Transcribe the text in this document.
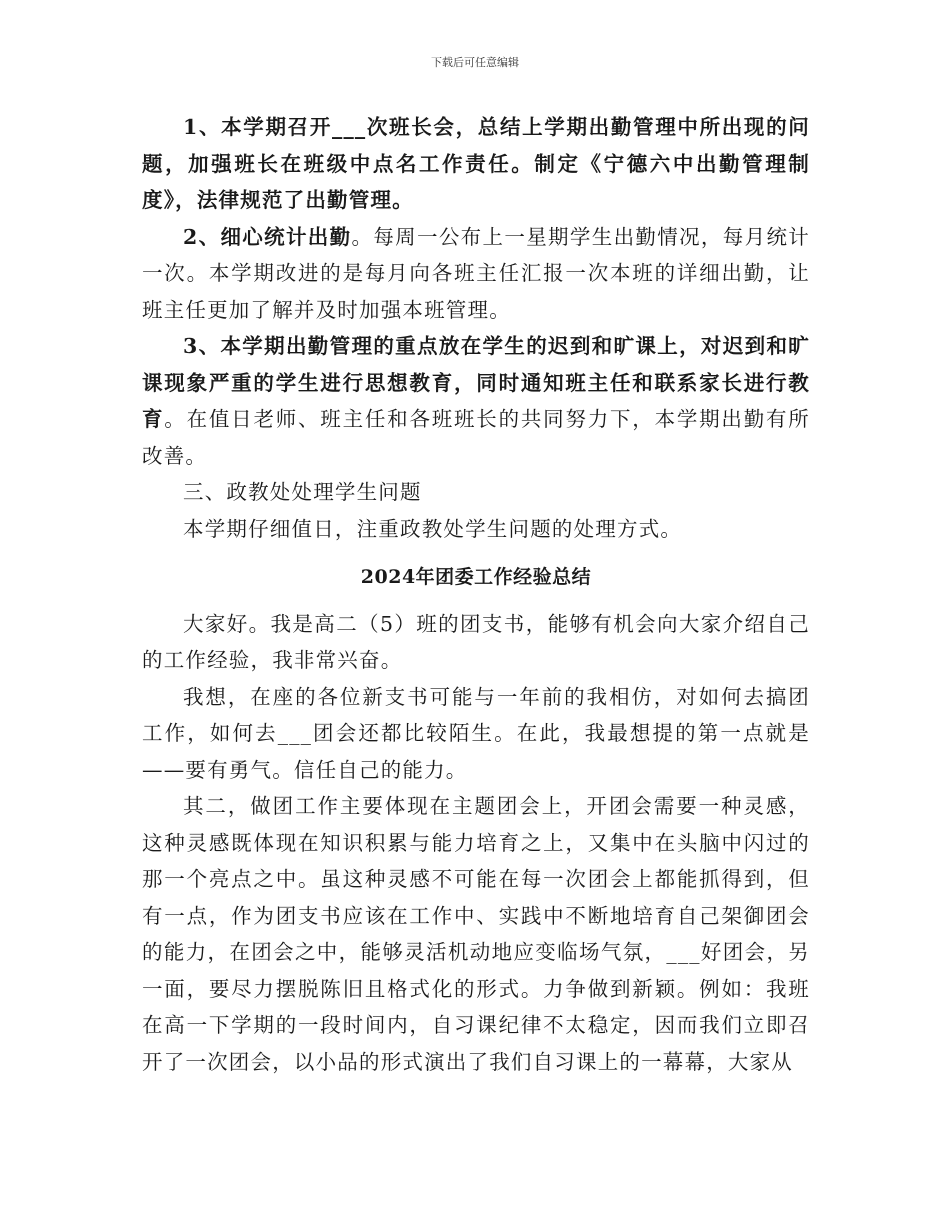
下载后可任意编辑

1、本学期召开___次班长会，总结上学期出勤管理中所出现的问题，加强班长在班级中点名工作责任。制定《宁德六中出勤管理制度》，法律规范了出勤管理。

2、细心统计出勤。每周一公布上一星期学生出勤情况，每月统计一次。本学期改进的是每月向各班主任汇报一次本班的详细出勤，让班主任更加了解并及时加强本班管理。

3、本学期出勤管理的重点放在学生的迟到和旷课上，对迟到和旷课现象严重的学生进行思想教育，同时通知班主任和联系家长进行教育。在值日老师、班主任和各班班长的共同努力下，本学期出勤有所改善。

三、政教处处理学生问题

本学期仔细值日，注重政教处学生问题的处理方式。

2024年团委工作经验总结

大家好。我是高二（5）班的团支书，能够有机会向大家介绍自己的工作经验，我非常兴奋。

我想，在座的各位新支书可能与一年前的我相仿，对如何去搞团工作，如何去___团会还都比较陌生。在此，我最想提的第一点就是——要有勇气。信任自己的能力。

其二，做团工作主要体现在主题团会上，开团会需要一种灵感，这种灵感既体现在知识积累与能力培育之上，又集中在头脑中闪过的那一个亮点之中。虽这种灵感不可能在每一次团会上都能抓得到，但有一点，作为团支书应该在工作中、实践中不断地培育自己架御团会的能力，在团会之中，能够灵活机动地应变临场气氛，___好团会，另一面，要尽力摆脱陈旧且格式化的形式。力争做到新颖。例如：我班在高一下学期的一段时间内，自习课纪律不太稳定，因而我们立即召开了一次团会，以小品的形式演出了我们自习课上的一幕幕，大家从
